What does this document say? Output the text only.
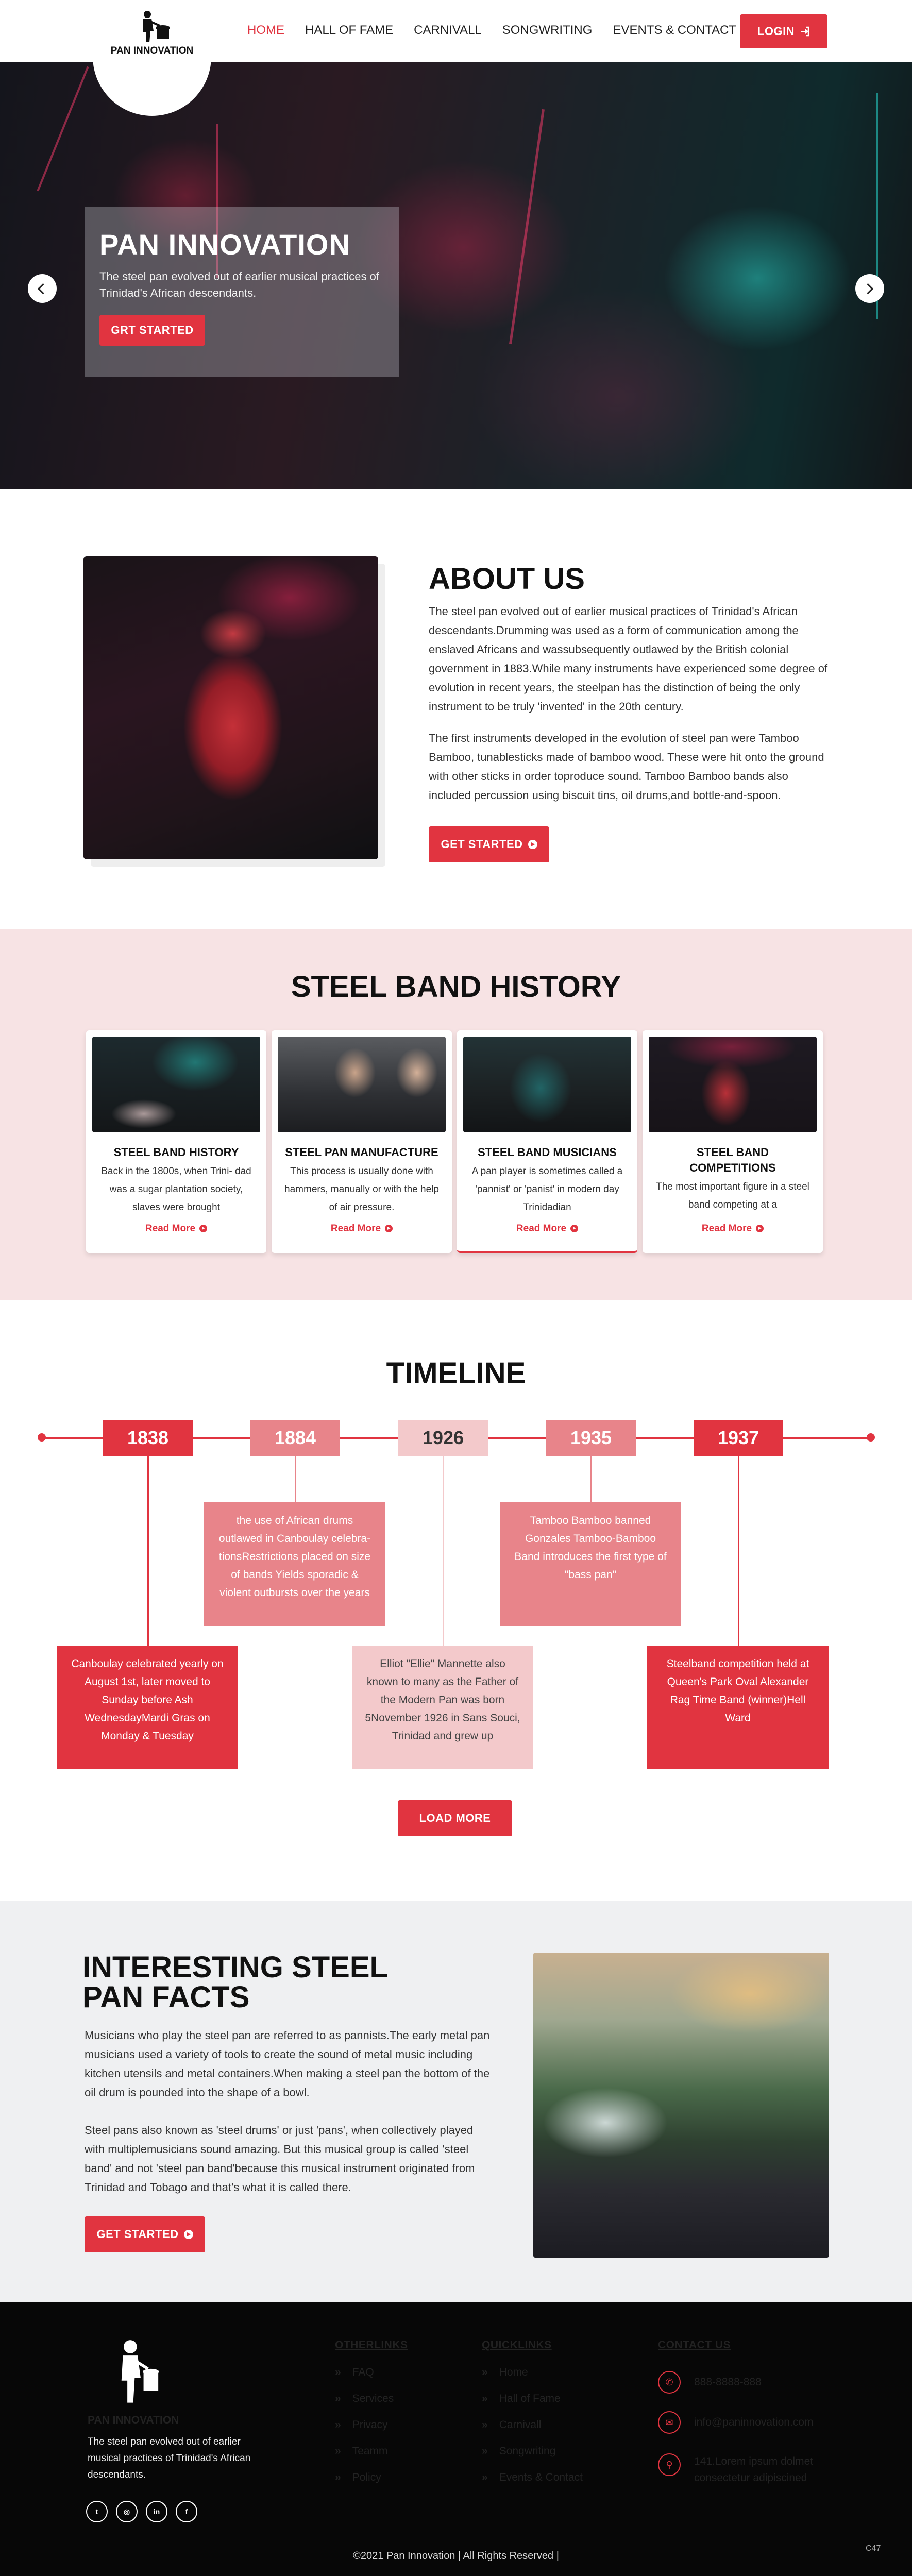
HOME HALL OF FAME CARNIVALL SONGWRITING EVENTS & CONTACT LOGIN
PAN INNOVATION
PAN INNOVATION
The steel pan evolved out of earlier musical practices of Trinidad's African descendants.
GRT STARTED
ABOUT US
The steel pan evolved out of earlier musical practices of Trinidad's African descendants.Drumming was used as a form of communication among the enslaved Africans and wassubsequently outlawed by the British colonial government in 1883.While many instruments have experienced some degree of evolution in recent years, the steelpan has the distinction of being the only instrument to be truly 'invented' in the 20th century.
The first instruments developed in the evolution of steel pan were Tamboo Bamboo, tunablesticks made of bamboo wood. These were hit onto the ground with other sticks in order toproduce sound. Tamboo Bamboo bands also included percussion using biscuit tins, oil drums,and bottle-and-spoon.
GET STARTED
STEEL BAND HISTORY
STEEL BAND HISTORY
Back in the 1800s, when Trini- dad was a sugar plantation society, slaves were brought
Read More
STEEL PAN MANUFACTURE
This process is usually done with hammers, manually or with the help of air pressure.
Read More
STEEL BAND MUSICIANS
A pan player is sometimes called a 'pannist' or 'panist' in modern day Trinidadian
Read More
STEEL BAND COMPETITIONS
The most important figure in a steel band competing at a
Read More
TIMELINE
1838	1884	1926	1935	1937
Canboulay celebrated yearly on August 1st, later moved to Sunday before Ash WednesdayMardi Gras on Monday & Tuesday
the use of African drums outlawed in Canboulay celebra- tionsRestrictions placed on size of bands Yields sporadic & violent outbursts over the years
Elliot "Ellie" Mannette also known to many as the Father of the Modern Pan was born 5November 1926 in Sans Souci, Trinidad and grew up
Tamboo Bamboo banned Gonzales Tamboo-Bamboo Band introduces the first type of "bass pan"
Steelband competition held at Queen's Park Oval Alexander Rag Time Band (winner)Hell Ward
LOAD MORE
INTERESTING STEEL PAN FACTS
Musicians who play the steel pan are referred to as pannists.The early metal pan musicians used a variety of tools to create the sound of metal music including kitchen utensils and metal containers.When making a steel pan the bottom of the oil drum is pounded into the shape of a bowl.
Steel pans also known as 'steel drums' or just 'pans', when collectively played with multiplemusicians sound amazing. But this musical group is called 'steel band' and not 'steel pan band'because this musical instrument originated from Trinidad and Tobago and that's what it is called there.
GET STARTED
PAN INNOVATION
The steel pan evolved out of earlier musical practices of Trinidad's African descendants.
t	◎	in	f
OTHERLINKS
» FAQ
» Services
» Privacy
» Teamm
» Policy
QUICKLINKS
» Home
» Hall of Fame
» Carnivall
» Songwriting
» Events & Contact
CONTACT US
✆	888-8888-888
✉	info@paninnovation.com
⚲	141.Lorem ipsum dolmet consectetur adipiscined
©2021 Pan Innovation | All Rights Reserved |
C47
